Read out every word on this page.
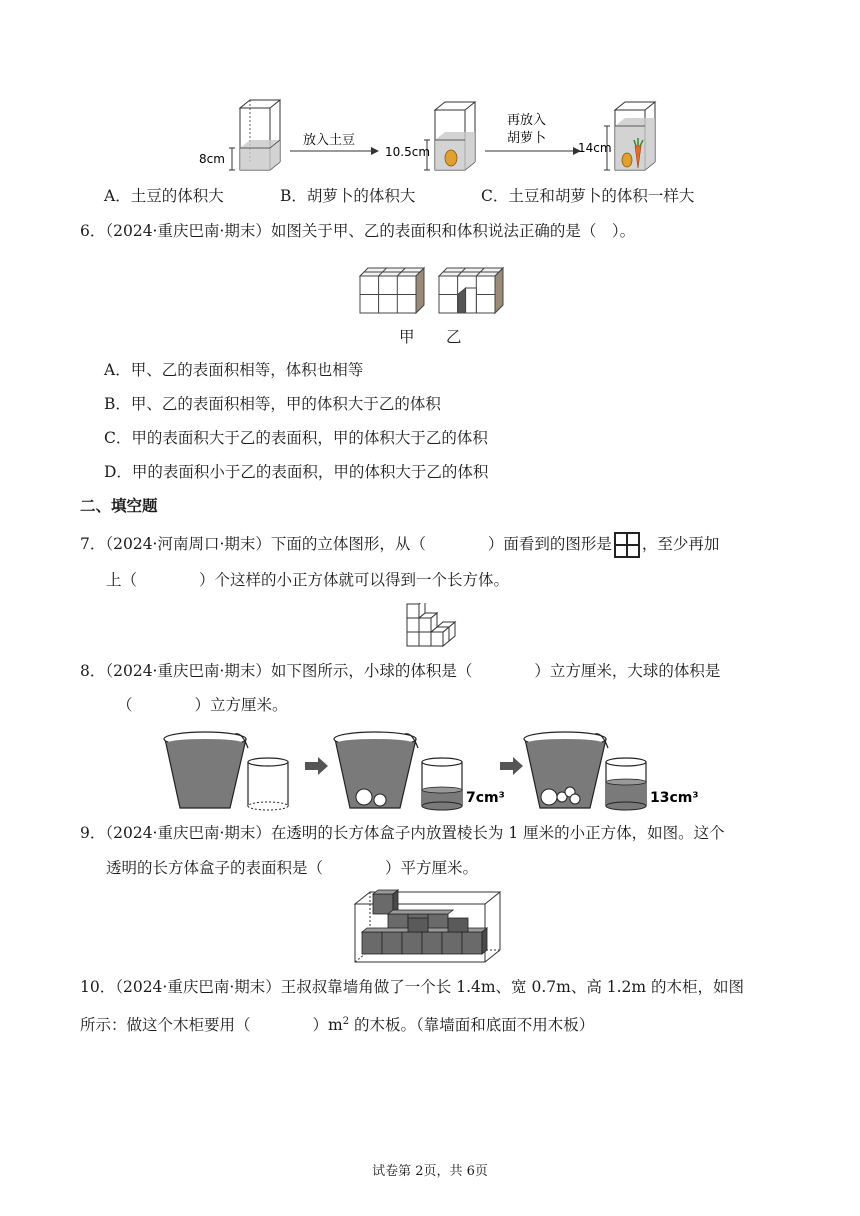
8cm
放入土豆
10.5cm
再放入
胡萝卜
14cm
A．土豆的体积大	B．胡萝卜的体积大	C．土豆和胡萝卜的体积一样大
6．（2024·重庆巴南·期末）如图关于甲、乙的表面积和体积说法正确的是（　）。
甲 乙
A．甲、乙的表面积相等，体积也相等
B．甲、乙的表面积相等，甲的体积大于乙的体积
C．甲的表面积大于乙的表面积，甲的体积大于乙的体积
D．甲的表面积小于乙的表面积，甲的体积大于乙的体积
二、填空题
7．（2024·河南周口·期末）下面的立体图形，从（　　　　）面看到的图形是 ，至少再加
上（　　　　）个这样的小正方体就可以得到一个长方体。
8．（2024·重庆巴南·期末）如下图所示，小球的体积是（　　　　）立方厘米，大球的体积是
（　　　　）立方厘米。
7cm³	13cm³
9．（2024·重庆巴南·期末）在透明的长方体盒子内放置棱长为 1 厘米的小正方体，如图。这个
透明的长方体盒子的表面积是（　　　　）平方厘米。
10．（2024·重庆巴南·期末）王叔叔靠墙角做了一个长 1.4m、宽 0.7m、高 1.2m 的木柜，如图
所示：做这个木柜要用（　　　　）$m^2$ 的木板。（靠墙面和底面不用木板）
试卷第 2页，共 6页
